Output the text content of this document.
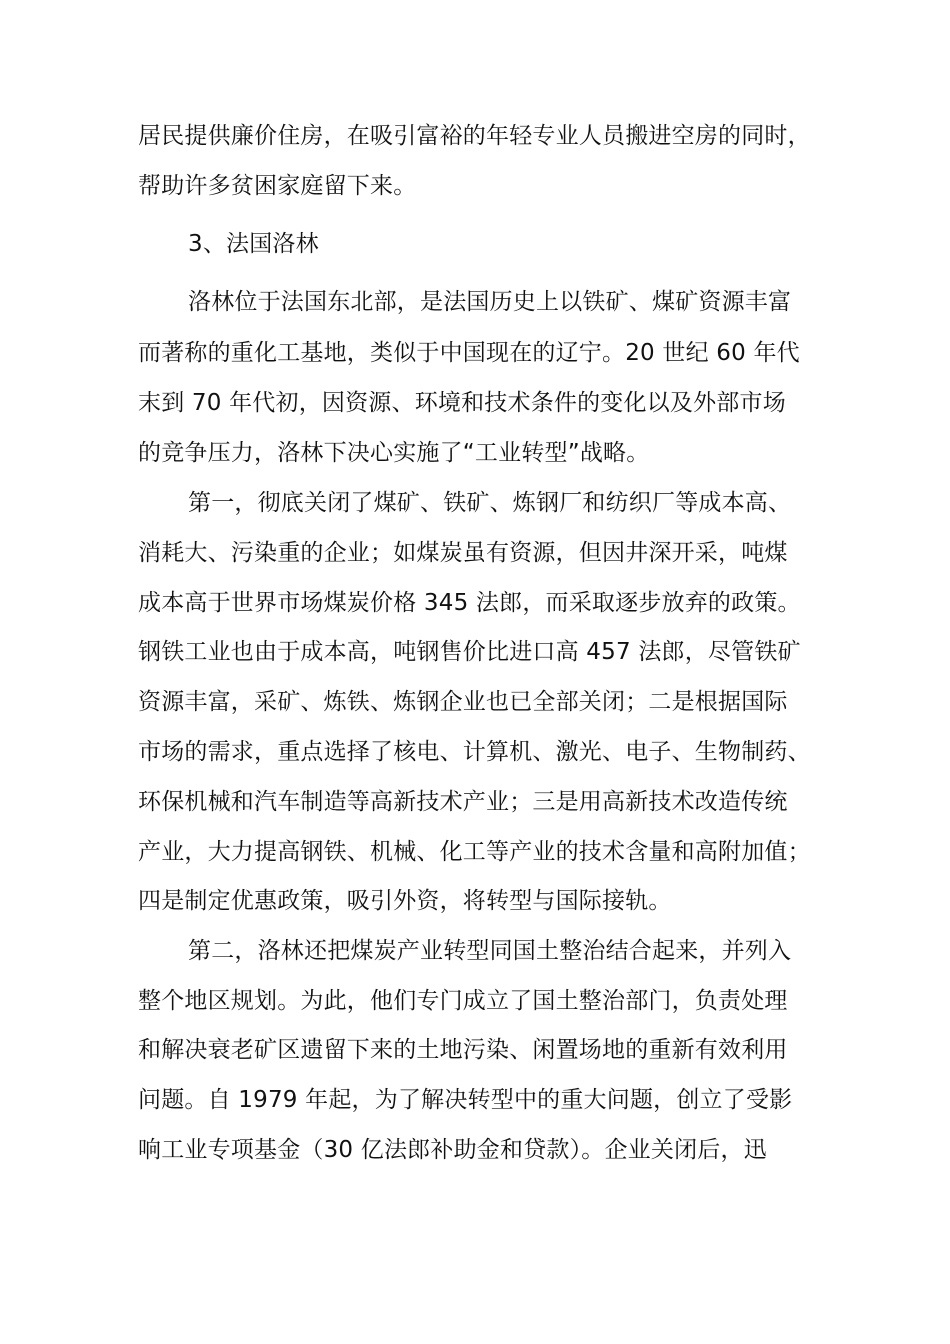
居民提供廉价住房，在吸引富裕的年轻专业人员搬进空房的同时，
帮助许多贫困家庭留下来。
3、法国洛林
洛林位于法国东北部，是法国历史上以铁矿、煤矿资源丰富
而著称的重化工基地，类似于中国现在的辽宁。20 世纪 60 年代
末到 70 年代初，因资源、环境和技术条件的变化以及外部市场
的竞争压力，洛林下决心实施了“工业转型”战略。
第一，彻底关闭了煤矿、铁矿、炼钢厂和纺织厂等成本高、
消耗大、污染重的企业；如煤炭虽有资源，但因井深开采，吨煤
成本高于世界市场煤炭价格 345 法郎，而采取逐步放弃的政策。
钢铁工业也由于成本高，吨钢售价比进口高 457 法郎，尽管铁矿
资源丰富，采矿、炼铁、炼钢企业也已全部关闭；二是根据国际
市场的需求，重点选择了核电、计算机、激光、电子、生物制药、
环保机械和汽车制造等高新技术产业；三是用高新技术改造传统
产业，大力提高钢铁、机械、化工等产业的技术含量和高附加值；
四是制定优惠政策，吸引外资，将转型与国际接轨。
第二，洛林还把煤炭产业转型同国土整治结合起来，并列入
整个地区规划。为此，他们专门成立了国土整治部门，负责处理
和解决衰老矿区遗留下来的土地污染、闲置场地的重新有效利用
问题。自 1979 年起，为了解决转型中的重大问题，创立了受影
响工业专项基金（30 亿法郎补助金和贷款）。企业关闭后，迅
